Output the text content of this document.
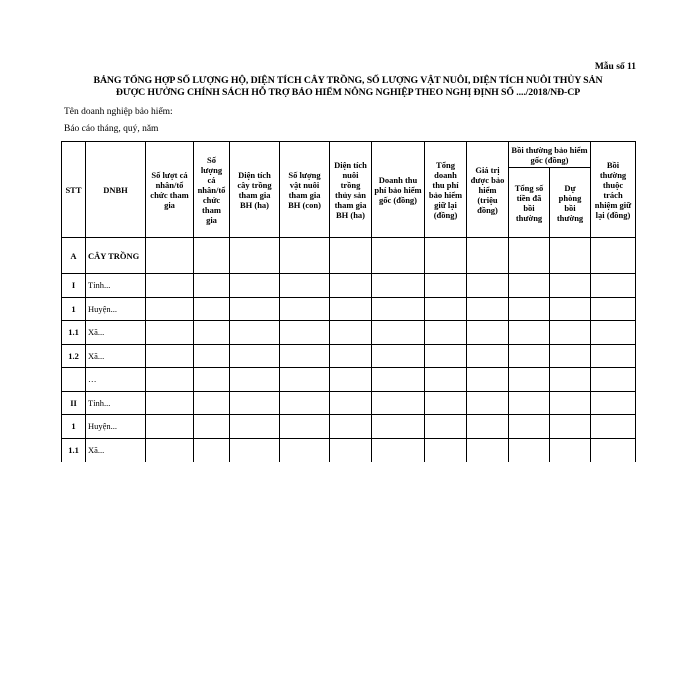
Mẫu số 11
BẢNG TỔNG HỢP SỐ LƯỢNG HỘ, DIỆN TÍCH CÂY TRỒNG, SỐ LƯỢNG VẬT NUÔI, DIỆN TÍCH NUÔI THỦY SẢN
ĐƯỢC HƯỞNG CHÍNH SÁCH HỖ TRỢ BẢO HIỂM NÔNG NGHIỆP THEO NGHỊ ĐỊNH SỐ ..../2018/NĐ-CP
Tên doanh nghiệp bảo hiểm:
Báo cáo tháng, quý, năm
STT	DNBH	Số lượt cá nhân/tổ chức tham gia	Số lượng cá nhân/tổ chức tham gia	Diện tích cây trồng tham gia BH (ha)	Số lượng vật nuôi tham gia BH (con)	Diện tích nuôi trồng thủy sản tham gia BH (ha)	Doanh thu phí bảo hiểm gốc (đồng)	Tổng doanh thu phí bảo hiểm giữ lại (đồng)	Giá trị được bảo hiểm (triệu đồng)	Bồi thường bảo hiểm gốc (đồng)		Bồi thường thuộc trách nhiệm giữ lại (đồng)
										Tổng số tiền đã bồi thường	Dự phòng bồi thường	
A	CÂY TRỒNG											
I	Tỉnh...											
1	Huyện...											
1.1	Xã...											
1.2	Xã...											
	…											
II	Tỉnh...											
1	Huyện...											
1.1	Xã...											
